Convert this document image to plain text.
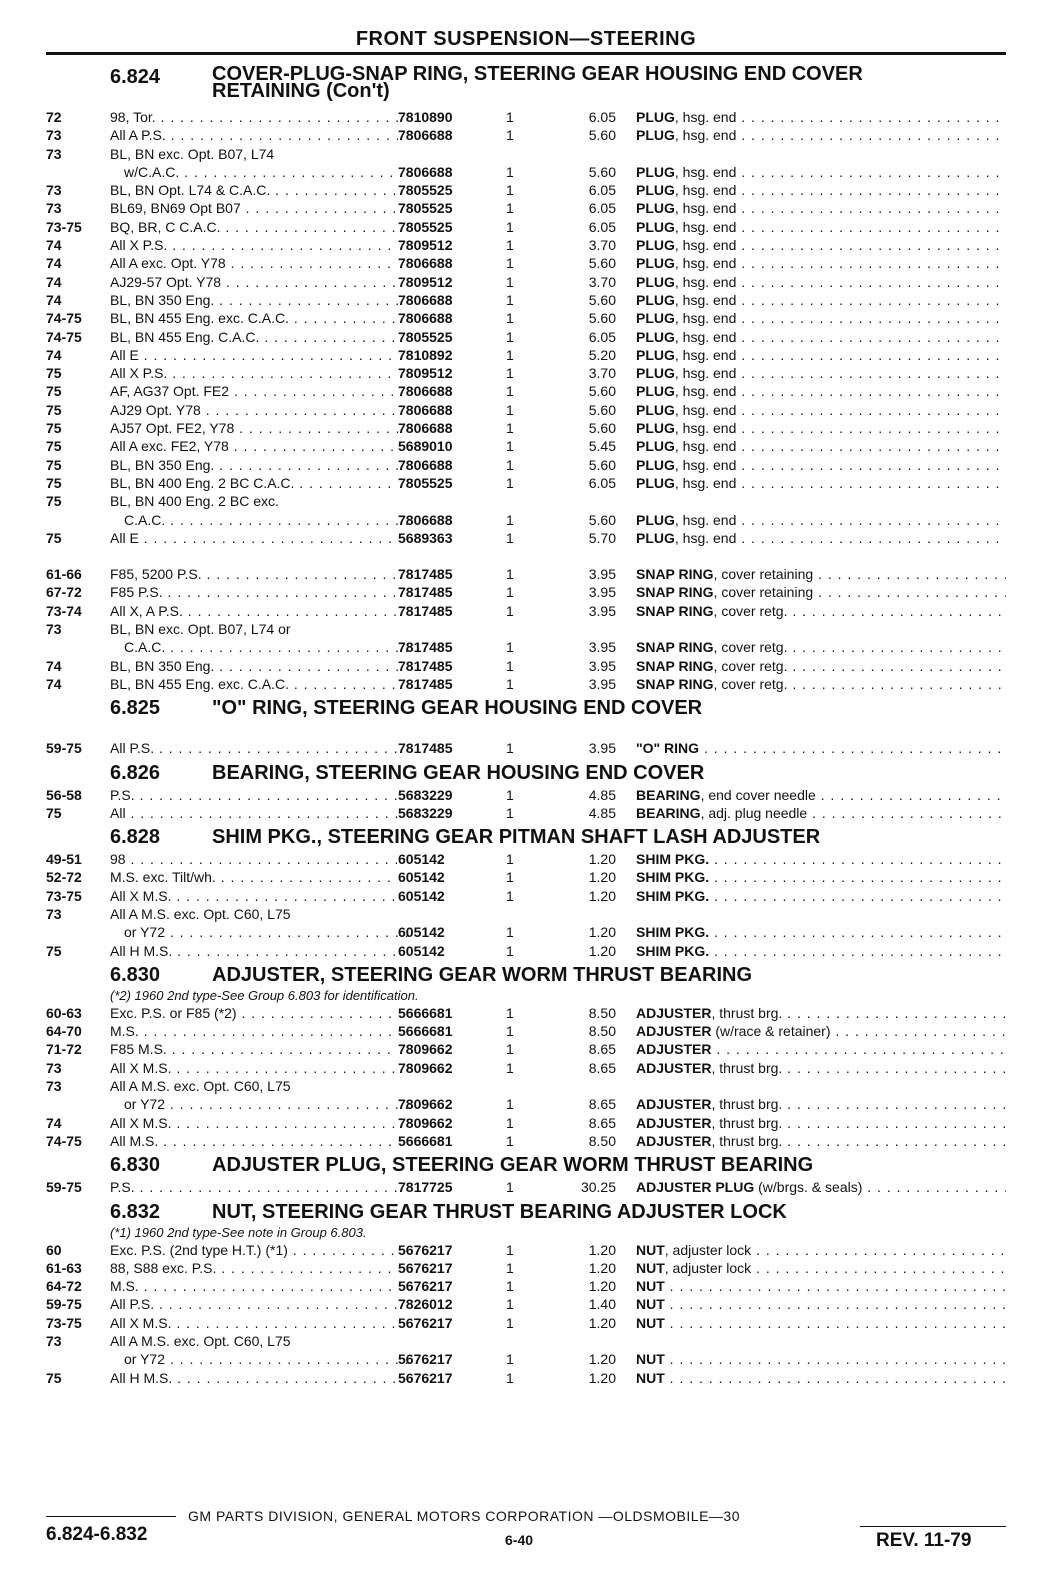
FRONT SUSPENSION—STEERING
6.824	COVER-PLUG-SNAP RING, STEERING GEAR HOUSING END COVER RETAINING (Con't)
72	98, Tor. . . .	7810890	1	6.05 PLUG, hsg. end . . .
73	All A P.S. . . .	7806688	1	5.60 PLUG, hsg. end . . .
73	BL, BN exc. Opt. B07, L74
w/C.A.C. . . .	7806688	1	5.60 PLUG, hsg. end . . .
73	BL, BN Opt. L74 & C.A.C. . . .	7805525	1	6.05 PLUG, hsg. end . . .
73	BL69, BN69 Opt B07 . . .	7805525	1	6.05 PLUG, hsg. end . . .
73-75	BQ, BR, C C.A.C. . . .	7805525	1	6.05 PLUG, hsg. end . . .
74	All X P.S. . . .	7809512	1	3.70 PLUG, hsg. end . . .
74	All A exc. Opt. Y78 . . .	7806688	1	5.60 PLUG, hsg. end . . .
74	AJ29-57 Opt. Y78 . . .	7809512	1	3.70 PLUG, hsg. end . . .
74	BL, BN 350 Eng. . . .	7806688	1	5.60 PLUG, hsg. end . . .
74-75	BL, BN 455 Eng. exc. C.A.C. . . .	7806688	1	5.60 PLUG, hsg. end . . .
74-75	BL, BN 455 Eng. C.A.C. . . .	7805525	1	6.05 PLUG, hsg. end . . .
74	All E . . .	7810892	1	5.20 PLUG, hsg. end . . .
75	All X P.S. . . .	7809512	1	3.70 PLUG, hsg. end . . .
75	AF, AG37 Opt. FE2 . . .	7806688	1	5.60 PLUG, hsg. end . . .
75	AJ29 Opt. Y78 . . .	7806688	1	5.60 PLUG, hsg. end . . .
75	AJ57 Opt. FE2, Y78 . . .	7806688	1	5.60 PLUG, hsg. end . . .
75	All A exc. FE2, Y78 . . .	5689010	1	5.45 PLUG, hsg. end . . .
75	BL, BN 350 Eng. . . .	7806688	1	5.60 PLUG, hsg. end . . .
75	BL, BN 400 Eng. 2 BC C.A.C. . . .	7805525	1	6.05 PLUG, hsg. end . . .
75	BL, BN 400 Eng. 2 BC exc.
C.A.C. . . .	7806688	1	5.60 PLUG, hsg. end . . .
75	All E . . .	5689363	1	5.70 PLUG, hsg. end . . .
61-66	F85, 5200 P.S. . . .	7817485	1	3.95 SNAP RING, cover retaining . . .
67-72	F85 P.S. . . .	7817485	1	3.95 SNAP RING, cover retaining . . .
73-74	All X, A P.S. . . .	7817485	1	3.95 SNAP RING, cover retg. . . .
73	BL, BN exc. Opt. B07, L74 or
C.A.C. . . .	7817485	1	3.95 SNAP RING, cover retg. . . .
74	BL, BN 350 Eng. . . .	7817485	1	3.95 SNAP RING, cover retg. . . .
74	BL, BN 455 Eng. exc. C.A.C. . . .	7817485	1	3.95 SNAP RING, cover retg. . . .
6.825	"O" RING, STEERING GEAR HOUSING END COVER
59-75	All P.S. . . .	7817485	1	3.95 "O" RING . . .
6.826	BEARING, STEERING GEAR HOUSING END COVER
56-58	P.S. . . .	5683229	1	4.85 BEARING, end cover needle . . .
75	All . . .	5683229	1	4.85 BEARING, adj. plug needle . . .
6.828	SHIM PKG., STEERING GEAR PITMAN SHAFT LASH ADJUSTER
49-51	98 . . .	605142	1	1.20 SHIM PKG. . . .
52-72	M.S. exc. Tilt/wh. . . .	605142	1	1.20 SHIM PKG. . . .
73-75	All X M.S. . . .	605142	1	1.20 SHIM PKG. . . .
73	All A M.S. exc. Opt. C60, L75
or Y72 . . .	605142	1	1.20 SHIM PKG. . . .
75	All H M.S. . . .	605142	1	1.20 SHIM PKG. . . .
6.830	ADJUSTER, STEERING GEAR WORM THRUST BEARING
(*2) 1960 2nd type-See Group 6.803 for identification.
60-63	Exc. P.S. or F85 (*2) . . .	5666681	1	8.50 ADJUSTER, thrust brg. . . .
64-70	M.S. . . .	5666681	1	8.50 ADJUSTER (w/race & retainer) . . .
71-72	F85 M.S. . . .	7809662	1	8.65 ADJUSTER . . .
73	All X M.S. . . .	7809662	1	8.65 ADJUSTER, thrust brg. . . .
73	All A M.S. exc. Opt. C60, L75
or Y72 . . .	7809662	1	8.65 ADJUSTER, thrust brg. . . .
74	All X M.S. . . .	7809662	1	8.65 ADJUSTER, thrust brg. . . .
74-75	All M.S. . . .	5666681	1	8.50 ADJUSTER, thrust brg. . . .
6.830	ADJUSTER PLUG, STEERING GEAR WORM THRUST BEARING
59-75	P.S. . . .	7817725	1	30.25 ADJUSTER PLUG (w/brgs. & seals) . . .
6.832	NUT, STEERING GEAR THRUST BEARING ADJUSTER LOCK
(*1) 1960 2nd type-See note in Group 6.803.
60	Exc. P.S. (2nd type H.T.) (*1) . . .	5676217	1	1.20 NUT, adjuster lock . . .
61-63	88, S88 exc. P.S. . . .	5676217	1	1.20 NUT, adjuster lock . . .
64-72	M.S. . . .	5676217	1	1.20 NUT . . .
59-75	All P.S. . . .	7826012	1	1.40 NUT . . .
73-75	All X M.S. . . .	5676217	1	1.20 NUT . . .
73	All A M.S. exc. Opt. C60, L75
or Y72 . . .	5676217	1	1.20 NUT . . .
75	All H M.S. . . .	5676217	1	1.20 NUT . . .
GM PARTS DIVISION, GENERAL MOTORS CORPORATION —OLDSMOBILE—30
6.824-6.832	6-40	REV. 11-79
